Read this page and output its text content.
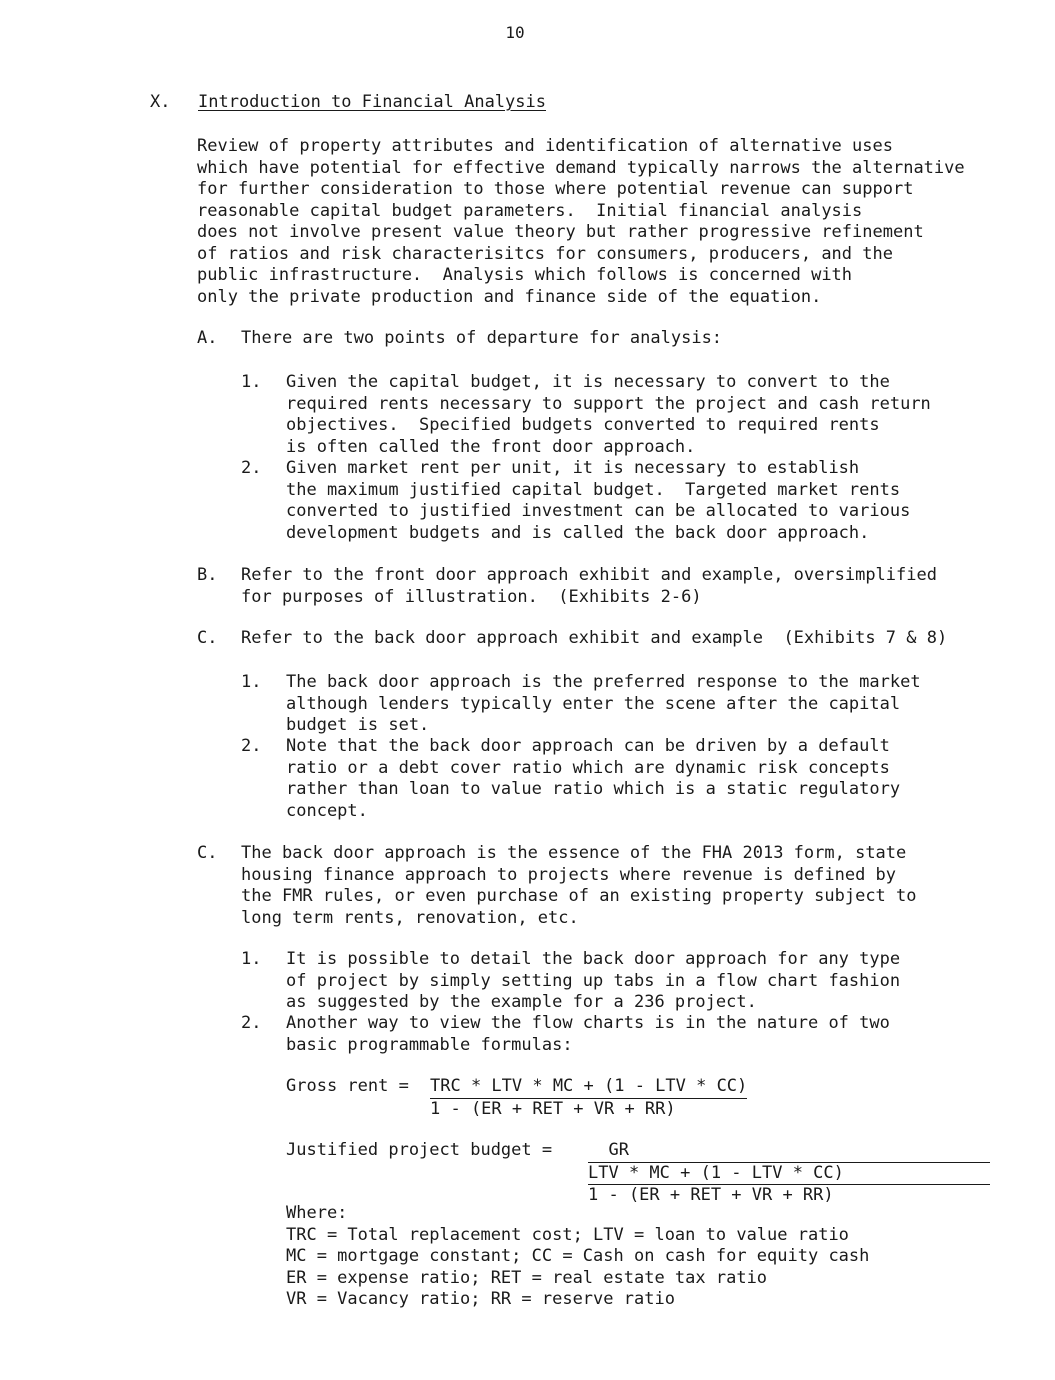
10
X. Introduction to Financial Analysis
Review of property attributes and identification of alternative uses
which have potential for effective demand typically narrows the alternative
for further consideration to those where potential revenue can support
reasonable capital budget parameters.  Initial financial analysis
does not involve present value theory but rather progressive refinement
of ratios and risk characterisitcs for consumers, producers, and the
public infrastructure.  Analysis which follows is concerned with
only the private production and finance side of the equation.
A. There are two points of departure for analysis:
1. Given the capital budget, it is necessary to convert to the
required rents necessary to support the project and cash return
objectives.  Specified budgets converted to required rents
is often called the front door approach.
2. Given market rent per unit, it is necessary to establish
the maximum justified capital budget.  Targeted market rents
converted to justified investment can be allocated to various
development budgets and is called the back door approach.
B. Refer to the front door approach exhibit and example, oversimplified
for purposes of illustration.  (Exhibits 2-6)
C. Refer to the back door approach exhibit and example  (Exhibits 7 & 8)
1. The back door approach is the preferred response to the market
although lenders typically enter the scene after the capital
budget is set.
2. Note that the back door approach can be driven by a default
ratio or a debt cover ratio which are dynamic risk concepts
rather than loan to value ratio which is a static regulatory
concept.
C. The back door approach is the essence of the FHA 2013 form, state
housing finance approach to projects where revenue is defined by
the FMR rules, or even purchase of an existing property subject to
long term rents, renovation, etc.
1. It is possible to detail the back door approach for any type
of project by simply setting up tabs in a flow chart fashion
as suggested by the example for a 236 project.
2. Another way to view the flow charts is in the nature of two
basic programmable formulas:
Gross rent = TRC * LTV * MC + (1 - LTV * CC)
1 - (ER + RET + VR + RR)
Justified project budget = GR
LTV * MC + (1 - LTV * CC)
1 - (ER + RET + VR + RR)
Where:
TRC = Total replacement cost; LTV = loan to value ratio
MC = mortgage constant; CC = Cash on cash for equity cash
ER = expense ratio; RET = real estate tax ratio
VR = Vacancy ratio; RR = reserve ratio
